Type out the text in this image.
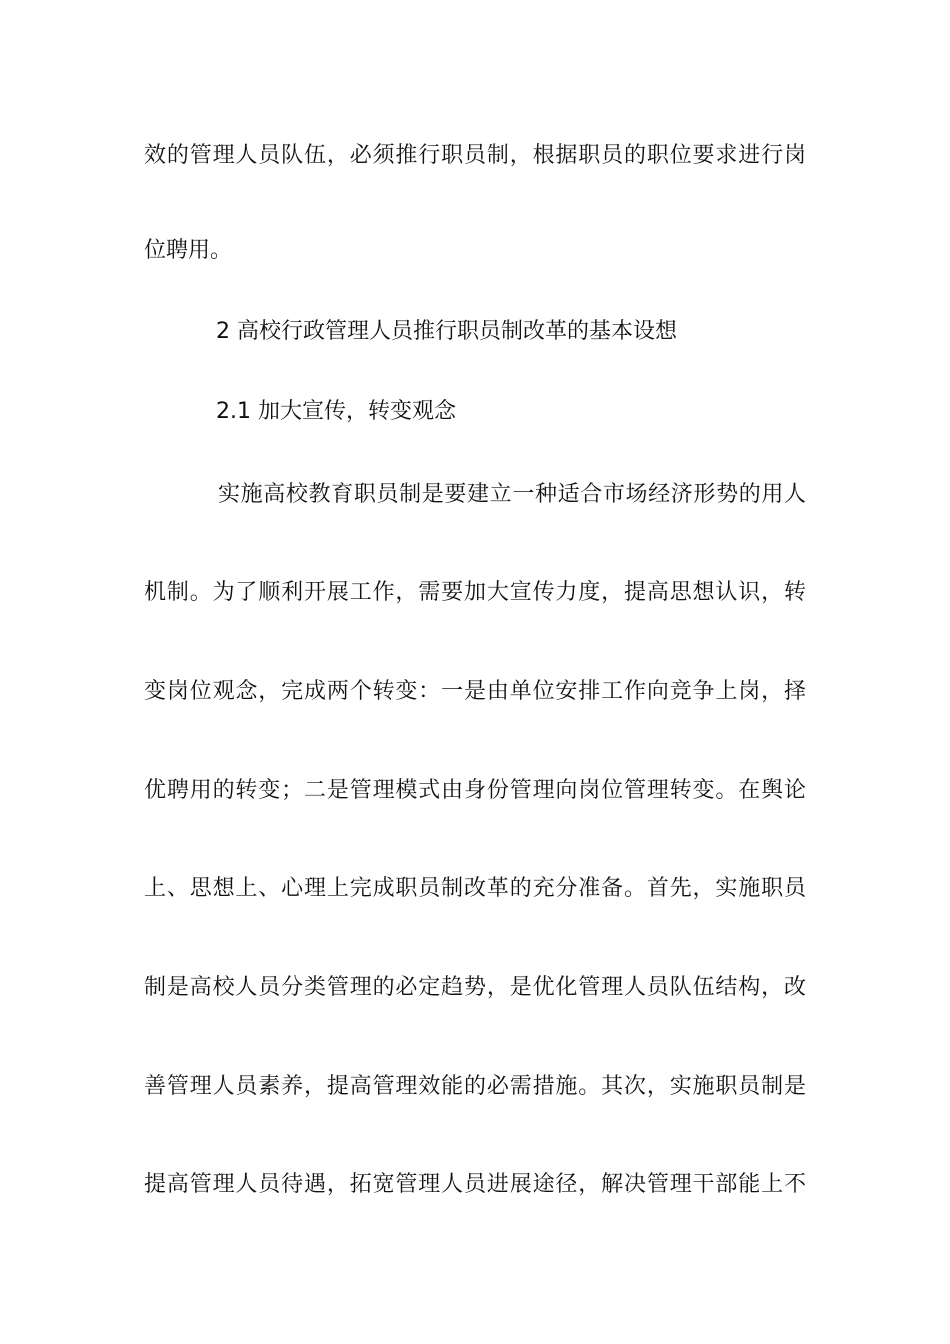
效的管理人员队伍，必须推行职员制，根据职员的职位要求进行岗
位聘用。
2 高校行政管理人员推行职员制改革的基本设想
2.1 加大宣传，转变观念
实施高校教育职员制是要建立一种适合市场经济形势的用人
机制。为了顺利开展工作，需要加大宣传力度，提高思想认识，转
变岗位观念，完成两个转变：一是由单位安排工作向竞争上岗，择
优聘用的转变；二是管理模式由身份管理向岗位管理转变。在舆论
上、思想上、心理上完成职员制改革的充分准备。首先，实施职员
制是高校人员分类管理的必定趋势，是优化管理人员队伍结构，改
善管理人员素养，提高管理效能的必需措施。其次，实施职员制是
提高管理人员待遇，拓宽管理人员进展途径，解决管理干部能上不
